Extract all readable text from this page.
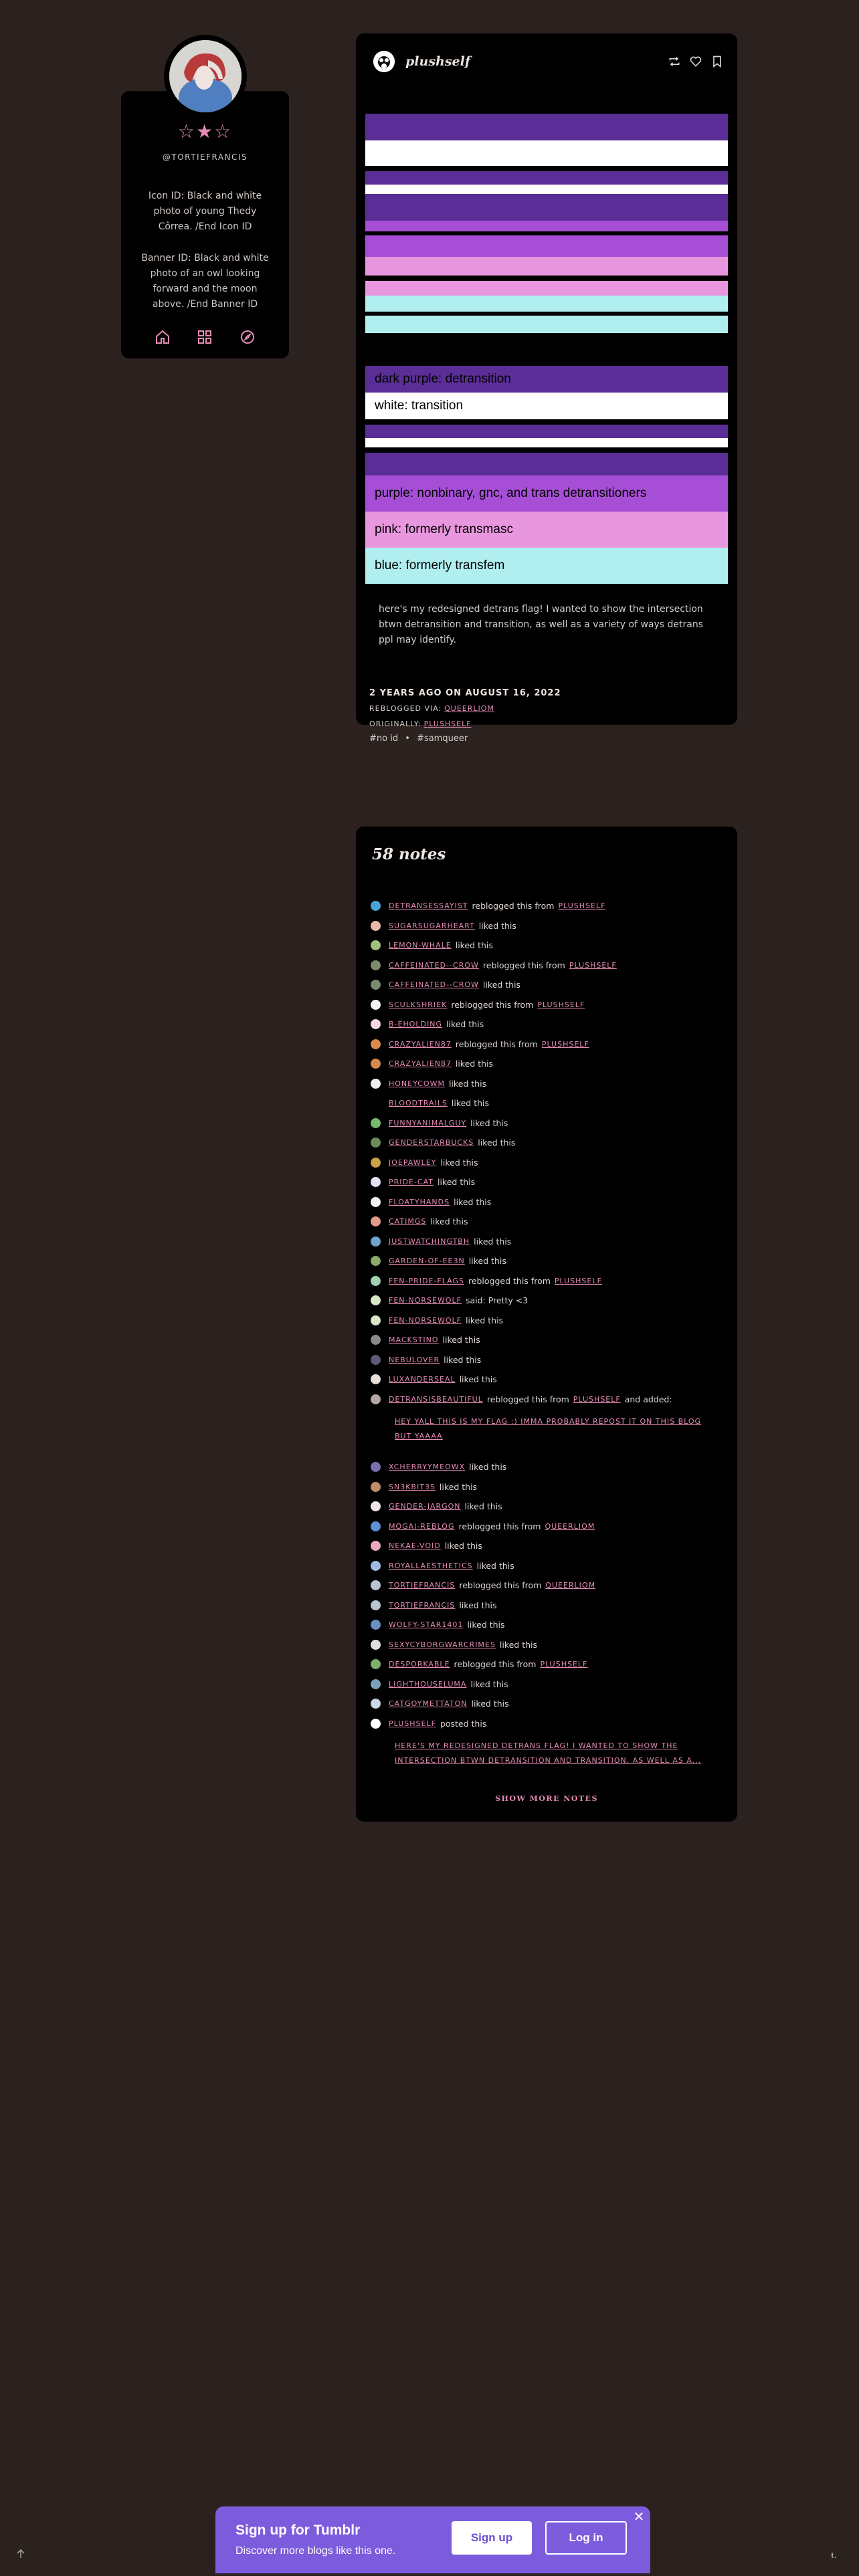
☆★☆
@TORTIEFRANCIS

Icon ID: Black and white photo of young Thedy Côrrea. /End Icon ID

Banner ID: Black and white photo of an owl looking forward and the moon above. /End Banner ID

plushself
dark purple: detransition
white: transition
purple: nonbinary, gnc, and trans detransitioners
pink: formerly transmasc
blue: formerly transfem

here's my redesigned detrans flag! I wanted to show the intersection btwn detransition and transition, as well as a variety of ways detrans ppl may identify.

2 YEARS AGO ON AUGUST 16, 2022
REBLOGGED VIA: QUEERLIOM
ORIGINALLY: PLUSHSELF
#no id • #samqueer
58 notes
DETRANSESSAYIST reblogged this from PLUSHSELF
SUGARSUGARHEART liked this
LEMON-WHALE liked this
CAFFEINATED--CROW reblogged this from PLUSHSELF
CAFFEINATED--CROW liked this
SCULKSHRIEK reblogged this from PLUSHSELF
B-EHOLDING liked this
CRAZYALIEN87 reblogged this from PLUSHSELF
CRAZYALIEN87 liked this
HONEYCOWM liked this
BLOODTRAILS liked this
FUNNYANIMALGUY liked this
GENDERSTARBUCKS liked this
JOEPAWLEY liked this
PRIDE-CAT liked this
FLOATYHANDS liked this
CATIMGS liked this
JUSTWATCHINGTBH liked this
GARDEN-OF-EE3N liked this
FEN-PRIDE-FLAGS reblogged this from PLUSHSELF
FEN-NORSEWOLF said: Pretty <3
FEN-NORSEWOLF liked this
MACKSTINO liked this
NEBULOVER liked this
LUXANDERSEAL liked this
DETRANSISBEAUTIFUL reblogged this from PLUSHSELF and added:
HEY YALL THIS IS MY FLAG :) IMMA PROBABLY REPOST IT ON THIS BLOG BUT YAAAA
XCHERRYYMEOWX liked this
SN3KBIT3S liked this
GENDER-JARGON liked this
MOGAI-REBLOG reblogged this from QUEERLIOM
NEKAE-VOID liked this
ROYALLAESTHETICS liked this
TORTIEFRANCIS reblogged this from QUEERLIOM
TORTIEFRANCIS liked this
WOLFY-STAR1401 liked this
SEXYCYBORGWARCRIMES liked this
DESPORKABLE reblogged this from PLUSHSELF
LIGHTHOUSELUMA liked this
CATGOYMETTATON liked this
PLUSHSELF posted this
HERE'S MY REDESIGNED DETRANS FLAG! I WANTED TO SHOW THE INTERSECTION BTWN DETRANSITION AND TRANSITION, AS WELL AS A...
SHOW MORE NOTES
Sign up for Tumblr
Discover more blogs like this one.
Sign up	Log in
✕
t.
